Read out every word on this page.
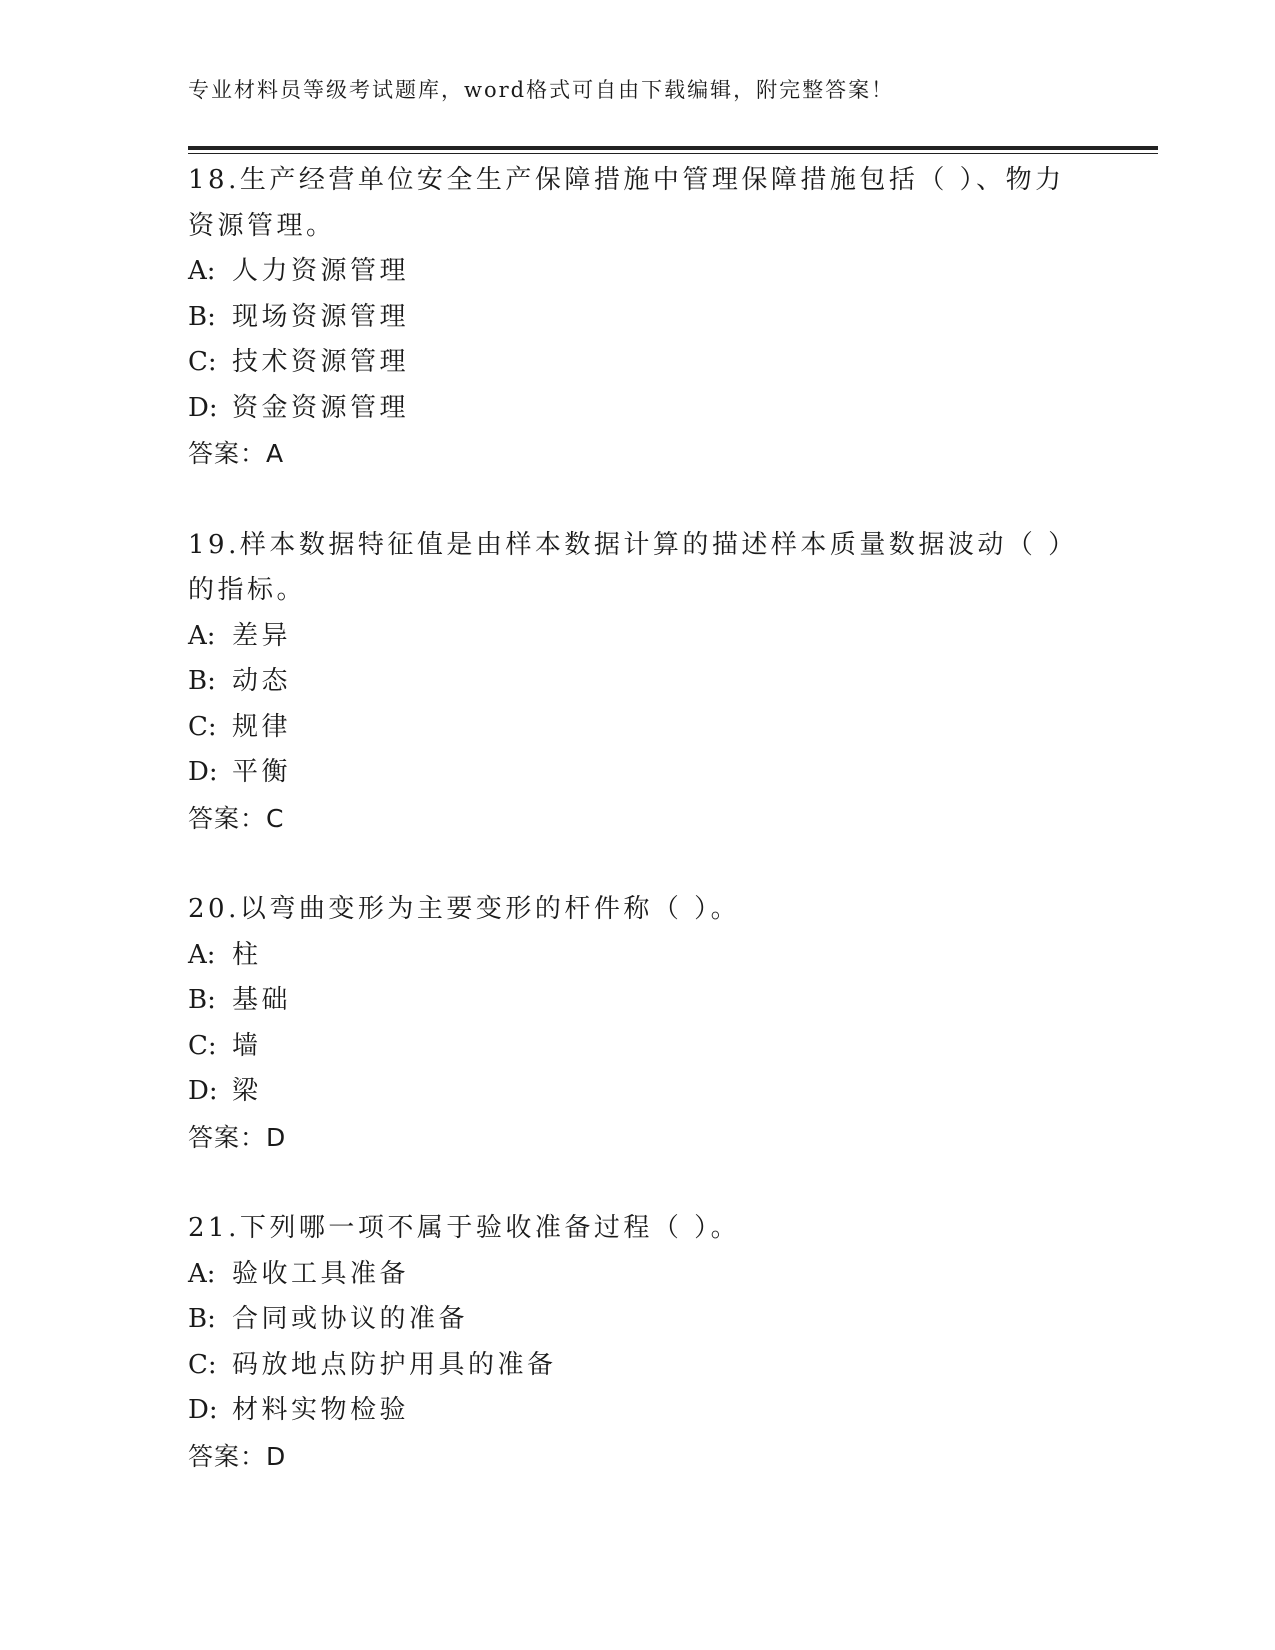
专业材料员等级考试题库，word格式可自由下载编辑，附完整答案！

18.生产经营单位安全生产保障措施中管理保障措施包括（ ）、物力资源管理。

A: 人力资源管理
B: 现场资源管理
C: 技术资源管理
D: 资金资源管理
答案：A

19.样本数据特征值是由样本数据计算的描述样本质量数据波动（ ）的指标。

A: 差异
B: 动态
C: 规律
D: 平衡
答案：C

20.以弯曲变形为主要变形的杆件称（ ）。

A: 柱
B: 基础
C: 墙
D: 梁
答案：D

21.下列哪一项不属于验收准备过程（ ）。

A: 验收工具准备
B: 合同或协议的准备
C: 码放地点防护用具的准备
D: 材料实物检验
答案：D
